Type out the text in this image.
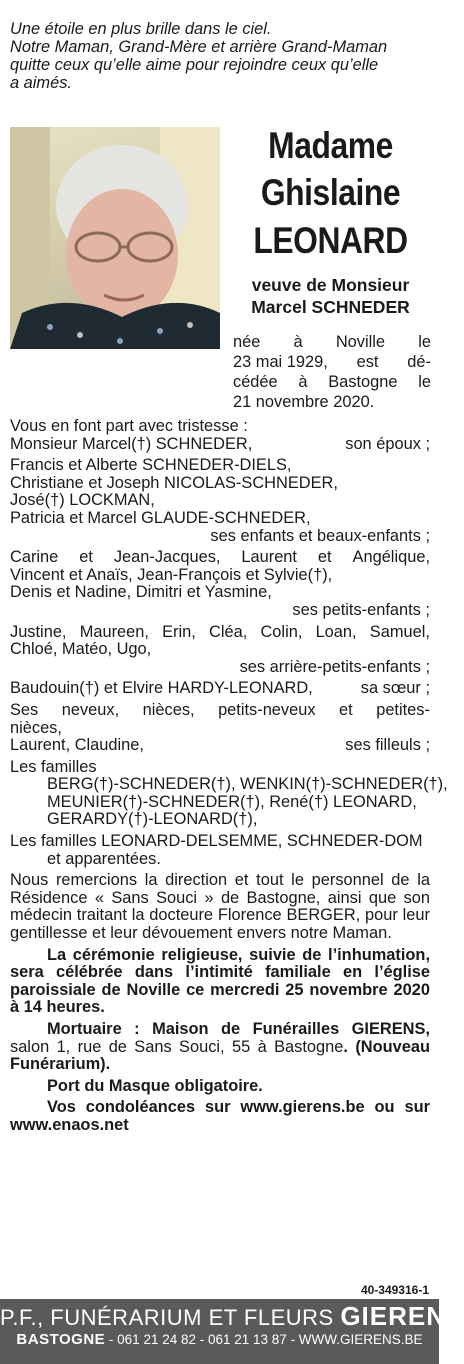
Une étoile en plus brille dans le ciel.
Notre Maman, Grand-Mère et arrière Grand-Maman
quitte ceux qu’elle aime pour rejoindre ceux qu’elle
a aimés.
Madame
Ghislaine
LEONARD
veuve de Monsieur
Marcel SCHNEDER
née à Noville le
23 mai 1929, est dé-
cédée à Bastogne le
21 novembre 2020.
Vous en font part avec tristesse :
Monsieur Marcel(†) SCHNEDER,	son époux ;
Francis et Alberte SCHNEDER-DIELS,
Christiane et Joseph NICOLAS-SCHNEDER,
José(†) LOCKMAN,
Patricia et Marcel GLAUDE-SCHNEDER,
ses enfants et beaux-enfants ;
Carine et Jean-Jacques, Laurent et Angélique,
Vincent et Anaïs, Jean-François et Sylvie(†),
Denis et Nadine, Dimitri et Yasmine,
ses petits-enfants ;
Justine, Maureen, Erin, Cléa, Colin, Loan, Samuel,
Chloé, Matéo, Ugo,
ses arrière-petits-enfants ;
Baudouin(†) et Elvire HARDY-LEONARD,	sa sœur ;
Ses neveux, nièces, petits-neveux et petites-
nièces,
Laurent, Claudine,	ses filleuls ;
Les familles
BERG(†)-SCHNEDER(†), WENKIN(†)-SCHNEDER(†),
MEUNIER(†)-SCHNEDER(†), René(†) LEONARD,
GERARDY(†)-LEONARD(†),
Les familles LEONARD-DELSEMME, SCHNEDER-DOM
et apparentées.
Nous remercions la direction et tout le personnel de la Résidence « Sans Souci » de Bastogne, ainsi que son médecin traitant la docteure Florence BERGER, pour leur gentillesse et leur dévouement envers notre Maman.
La cérémonie religieuse, suivie de l’inhumation, sera célébrée dans l’intimité familiale en l’église paroissiale de Noville ce mercredi 25 novembre 2020 à 14 heures.
Mortuaire : Maison de Funérailles GIERENS, salon 1, rue de Sans Souci, 55 à Bastogne. (Nouveau Funérarium).
Port du Masque obligatoire.
Vos condoléances sur www.gierens.be ou sur www.enaos.net
40-349316-1
P.F., FUNÉRARIUM ET FLEURS GIERENS
BASTOGNE - 061 21 24 82 - 061 21 13 87 - WWW.GIERENS.BE
